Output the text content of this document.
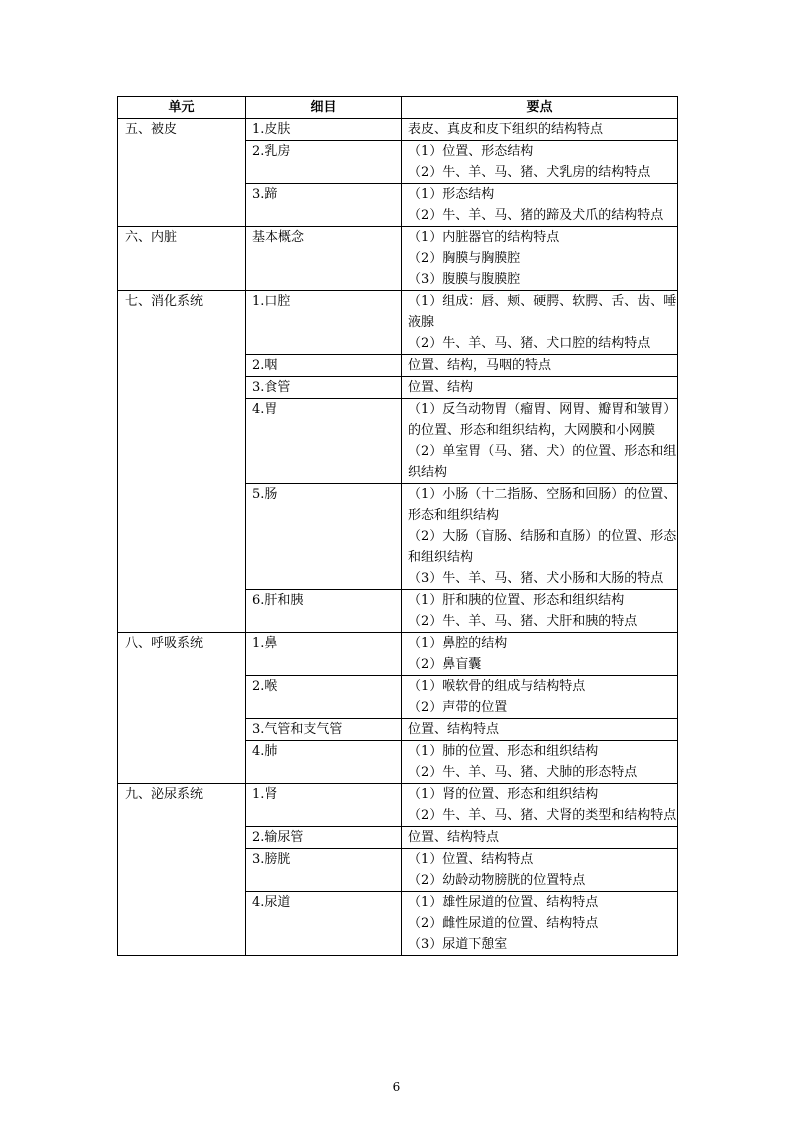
单元	细目	要点
五、被皮	1.皮肤	表皮、真皮和皮下组织的结构特点

	2.乳房	（1）位置、形态结构
（2）牛、羊、马、猪、犬乳房的结构特点

	3.蹄	（1）形态结构
（2）牛、羊、马、猪的蹄及犬爪的结构特点

六、内脏	基本概念	（1）内脏器官的结构特点
（2）胸膜与胸膜腔
（3）腹膜与腹膜腔

七、消化系统	1.口腔	（1）组成：唇、颊、硬腭、软腭、舌、齿、唾液腺
（2）牛、羊、马、猪、犬口腔的结构特点

	2.咽	位置、结构，马咽的特点

	3.食管	位置、结构

	4.胃	（1）反刍动物胃（瘤胃、网胃、瓣胃和皱胃）的位置、形态和组织结构，大网膜和小网膜
（2）单室胃（马、猪、犬）的位置、形态和组织结构

	5.肠	（1）小肠（十二指肠、空肠和回肠）的位置、形态和组织结构
（2）大肠（盲肠、结肠和直肠）的位置、形态和组织结构
（3）牛、羊、马、猪、犬小肠和大肠的特点

	6.肝和胰	（1）肝和胰的位置、形态和组织结构
（2）牛、羊、马、猪、犬肝和胰的特点

八、呼吸系统	1.鼻	（1）鼻腔的结构
（2）鼻盲囊

	2.喉	（1）喉软骨的组成与结构特点
（2）声带的位置

	3.气管和支气管	位置、结构特点

	4.肺	（1）肺的位置、形态和组织结构
（2）牛、羊、马、猪、犬肺的形态特点

九、泌尿系统	1.肾	（1）肾的位置、形态和组织结构
（2）牛、羊、马、猪、犬肾的类型和结构特点

	2.输尿管	位置、结构特点

	3.膀胱	（1）位置、结构特点
（2）幼龄动物膀胱的位置特点

	4.尿道	（1）雄性尿道的位置、结构特点
（2）雌性尿道的位置、结构特点
（3）尿道下憩室
6
